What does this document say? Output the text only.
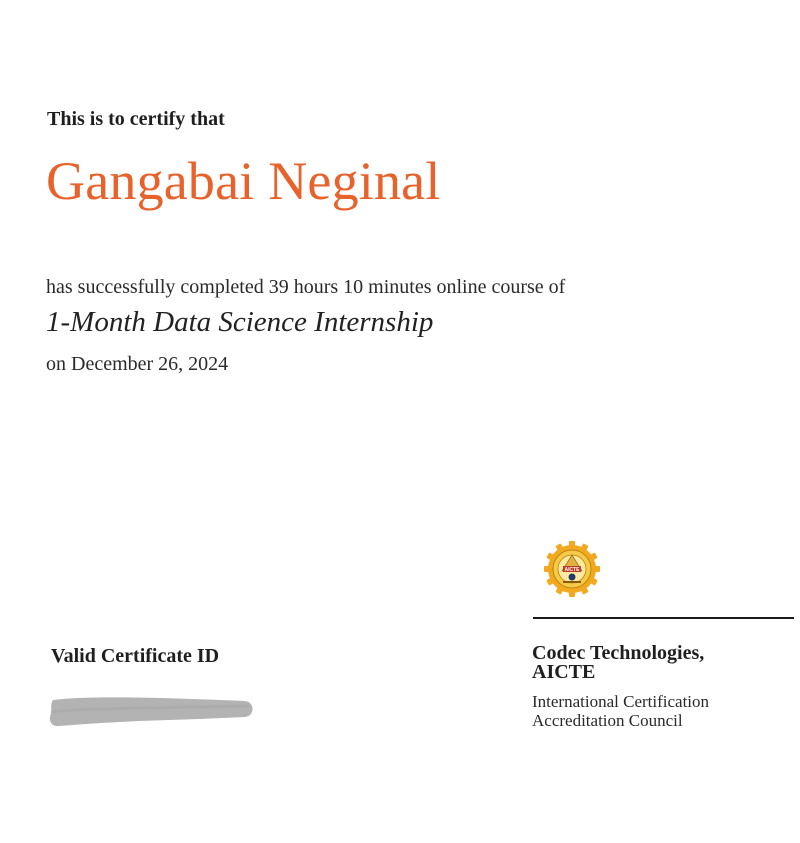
This is to certify that
Gangabai Neginal
has successfully completed 39 hours 10 minutes online course of
1-Month Data Science Internship
on December 26, 2024
AICTE
Valid Certificate ID	Codec Technologies,
AICTE
International Certification
Accreditation Council
